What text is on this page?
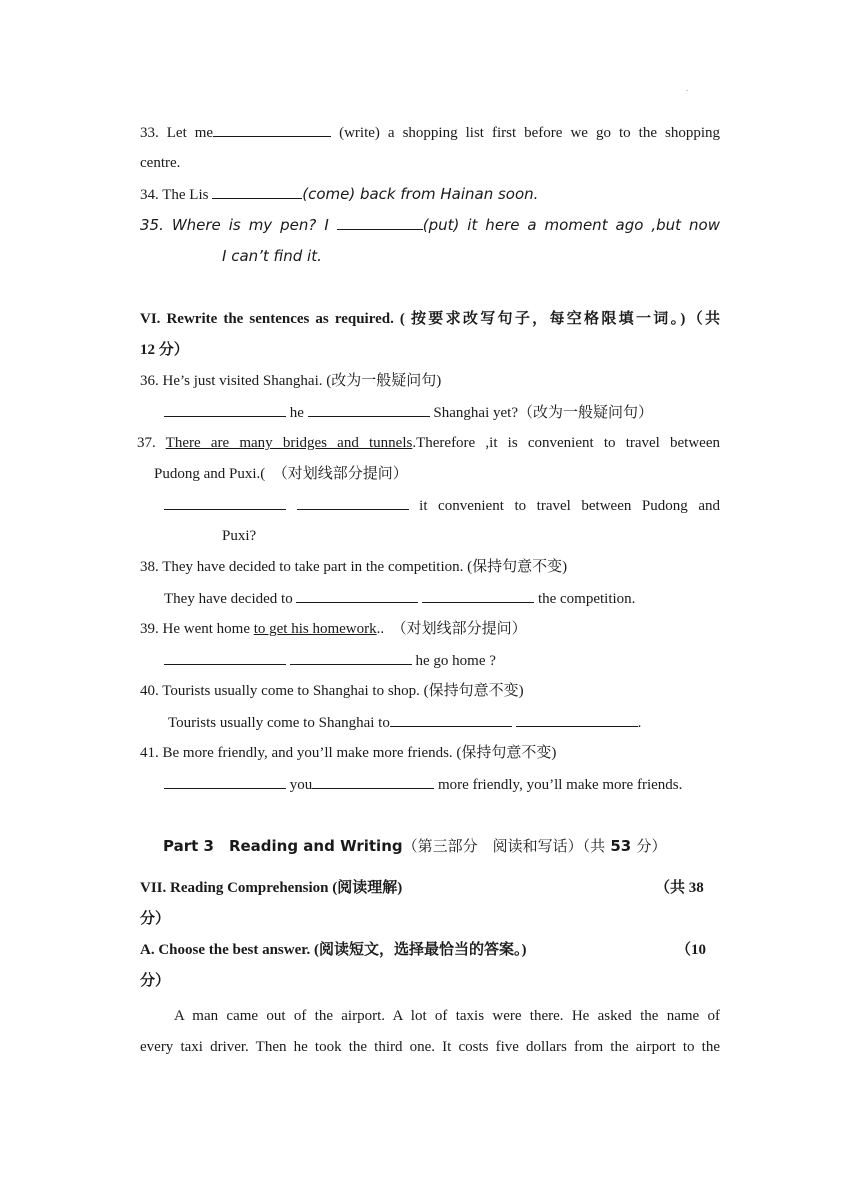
.
33. Let me	(write) a shopping list first before we go to the shopping
centre.
34. The Lis	(come) back from Hainan soon.
35. Where is my pen? I	(put) it here a moment ago ,but now
I can’t find it.
VI. Rewrite the sentences as required. ( 按要求改写句子，每空格限填一词。)（共
12 分）
36. He’s just visited Shanghai. (改为一般疑问句)
he	Shanghai yet?（改为一般疑问句）
37. There are many bridges and tunnels.Therefore ,it is convenient to travel between
Pudong and Puxi.(　（对划线部分提问）
it convenient to travel between Pudong and
Puxi?
38. They have decided to take part in the competition. (保持句意不变)
They have decided to	the competition.
39. He went home to get his homework..　（对划线部分提问）
he go home ?
40. Tourists usually come to Shanghai to shop. (保持句意不变)
Tourists usually come to Shanghai to	.
41. Be more friendly, and you’ll make more friends. (保持句意不变)
you	more friendly, you’ll make more friends.
Part 3　Reading and Writing（第三部分　阅读和写话）（共 53 分）
VII. Reading Comprehension (阅读理解)	（共 38
分）
A. Choose the best answer. (阅读短文，选择最恰当的答案。)	（10
分）
A man came out of the airport. A lot of taxis were there. He asked the name of
every taxi driver. Then he took the third one. It costs five dollars from the airport to the
